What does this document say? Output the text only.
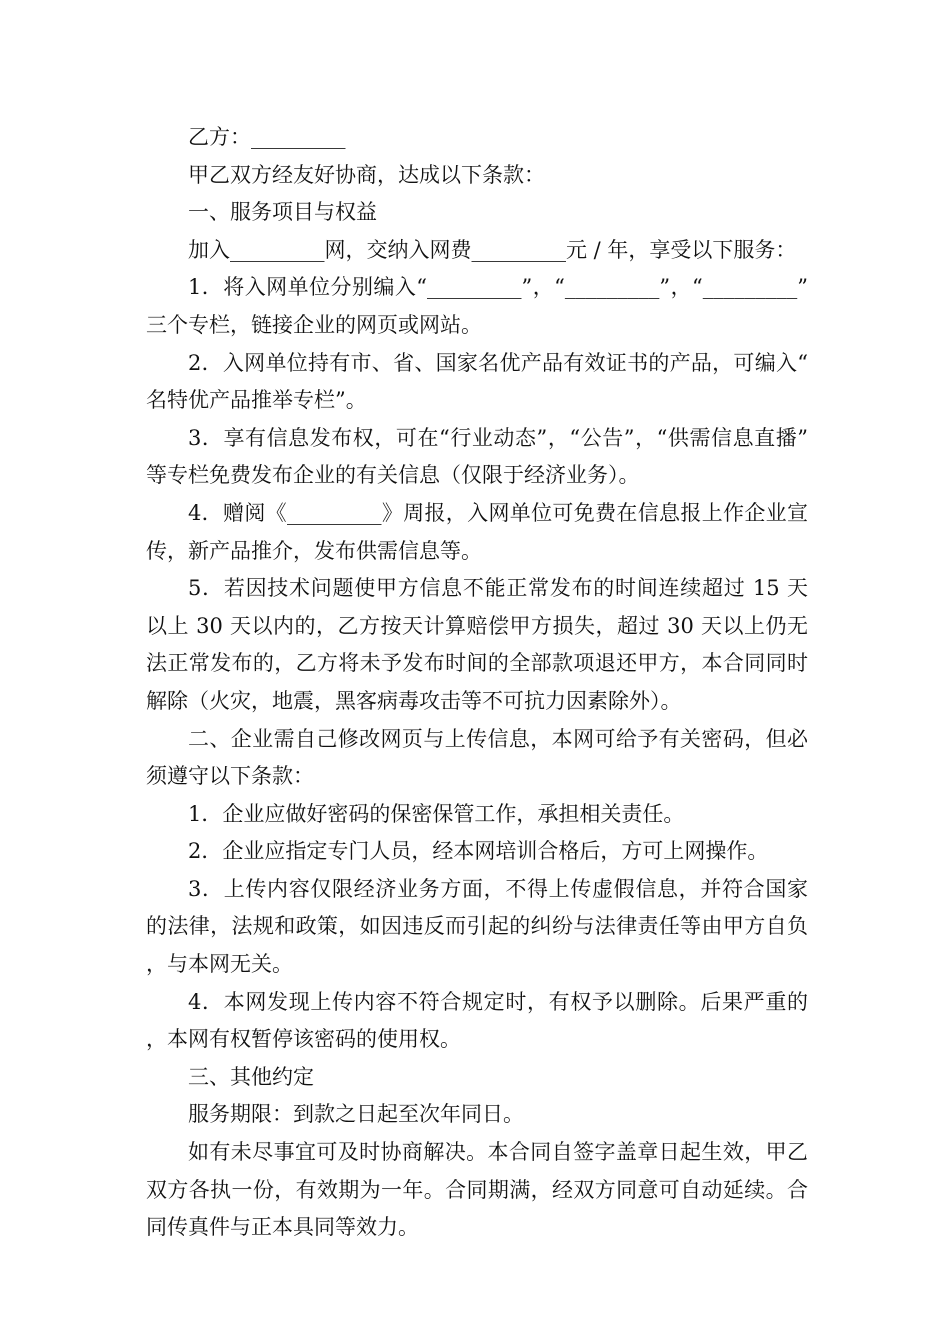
乙方：_________

甲乙双方经友好协商，达成以下条款：

一、服务项目与权益

加入_________网，交纳入网费_________元 / 年，享受以下服务：

1．将入网单位分别编入“_________”，“_________”，“_________”三个专栏，链接企业的网页或网站。

2．入网单位持有市、省、国家名优产品有效证书的产品，可编入“名特优产品推举专栏”。

3．享有信息发布权，可在“行业动态”，“公告”，“供需信息直播”等专栏免费发布企业的有关信息（仅限于经济业务）。

4．赠阅《_________》周报，入网单位可免费在信息报上作企业宣传，新产品推介，发布供需信息等。

5．若因技术问题使甲方信息不能正常发布的时间连续超过 15 天以上 30 天以内的，乙方按天计算赔偿甲方损失，超过 30 天以上仍无法正常发布的，乙方将未予发布时间的全部款项退还甲方，本合同同时解除（火灾，地震，黑客病毒攻击等不可抗力因素除外）。

二、企业需自己修改网页与上传信息，本网可给予有关密码，但必须遵守以下条款：

1．企业应做好密码的保密保管工作，承担相关责任。

2．企业应指定专门人员，经本网培训合格后，方可上网操作。

3．上传内容仅限经济业务方面，不得上传虚假信息，并符合国家的法律，法规和政策，如因违反而引起的纠纷与法律责任等由甲方自负，与本网无关。

4．本网发现上传内容不符合规定时，有权予以删除。后果严重的，本网有权暂停该密码的使用权。

三、其他约定

服务期限：到款之日起至次年同日。

如有未尽事宜可及时协商解决。本合同自签字盖章日起生效，甲乙双方各执一份，有效期为一年。合同期满，经双方同意可自动延续。合同传真件与正本具同等效力。
